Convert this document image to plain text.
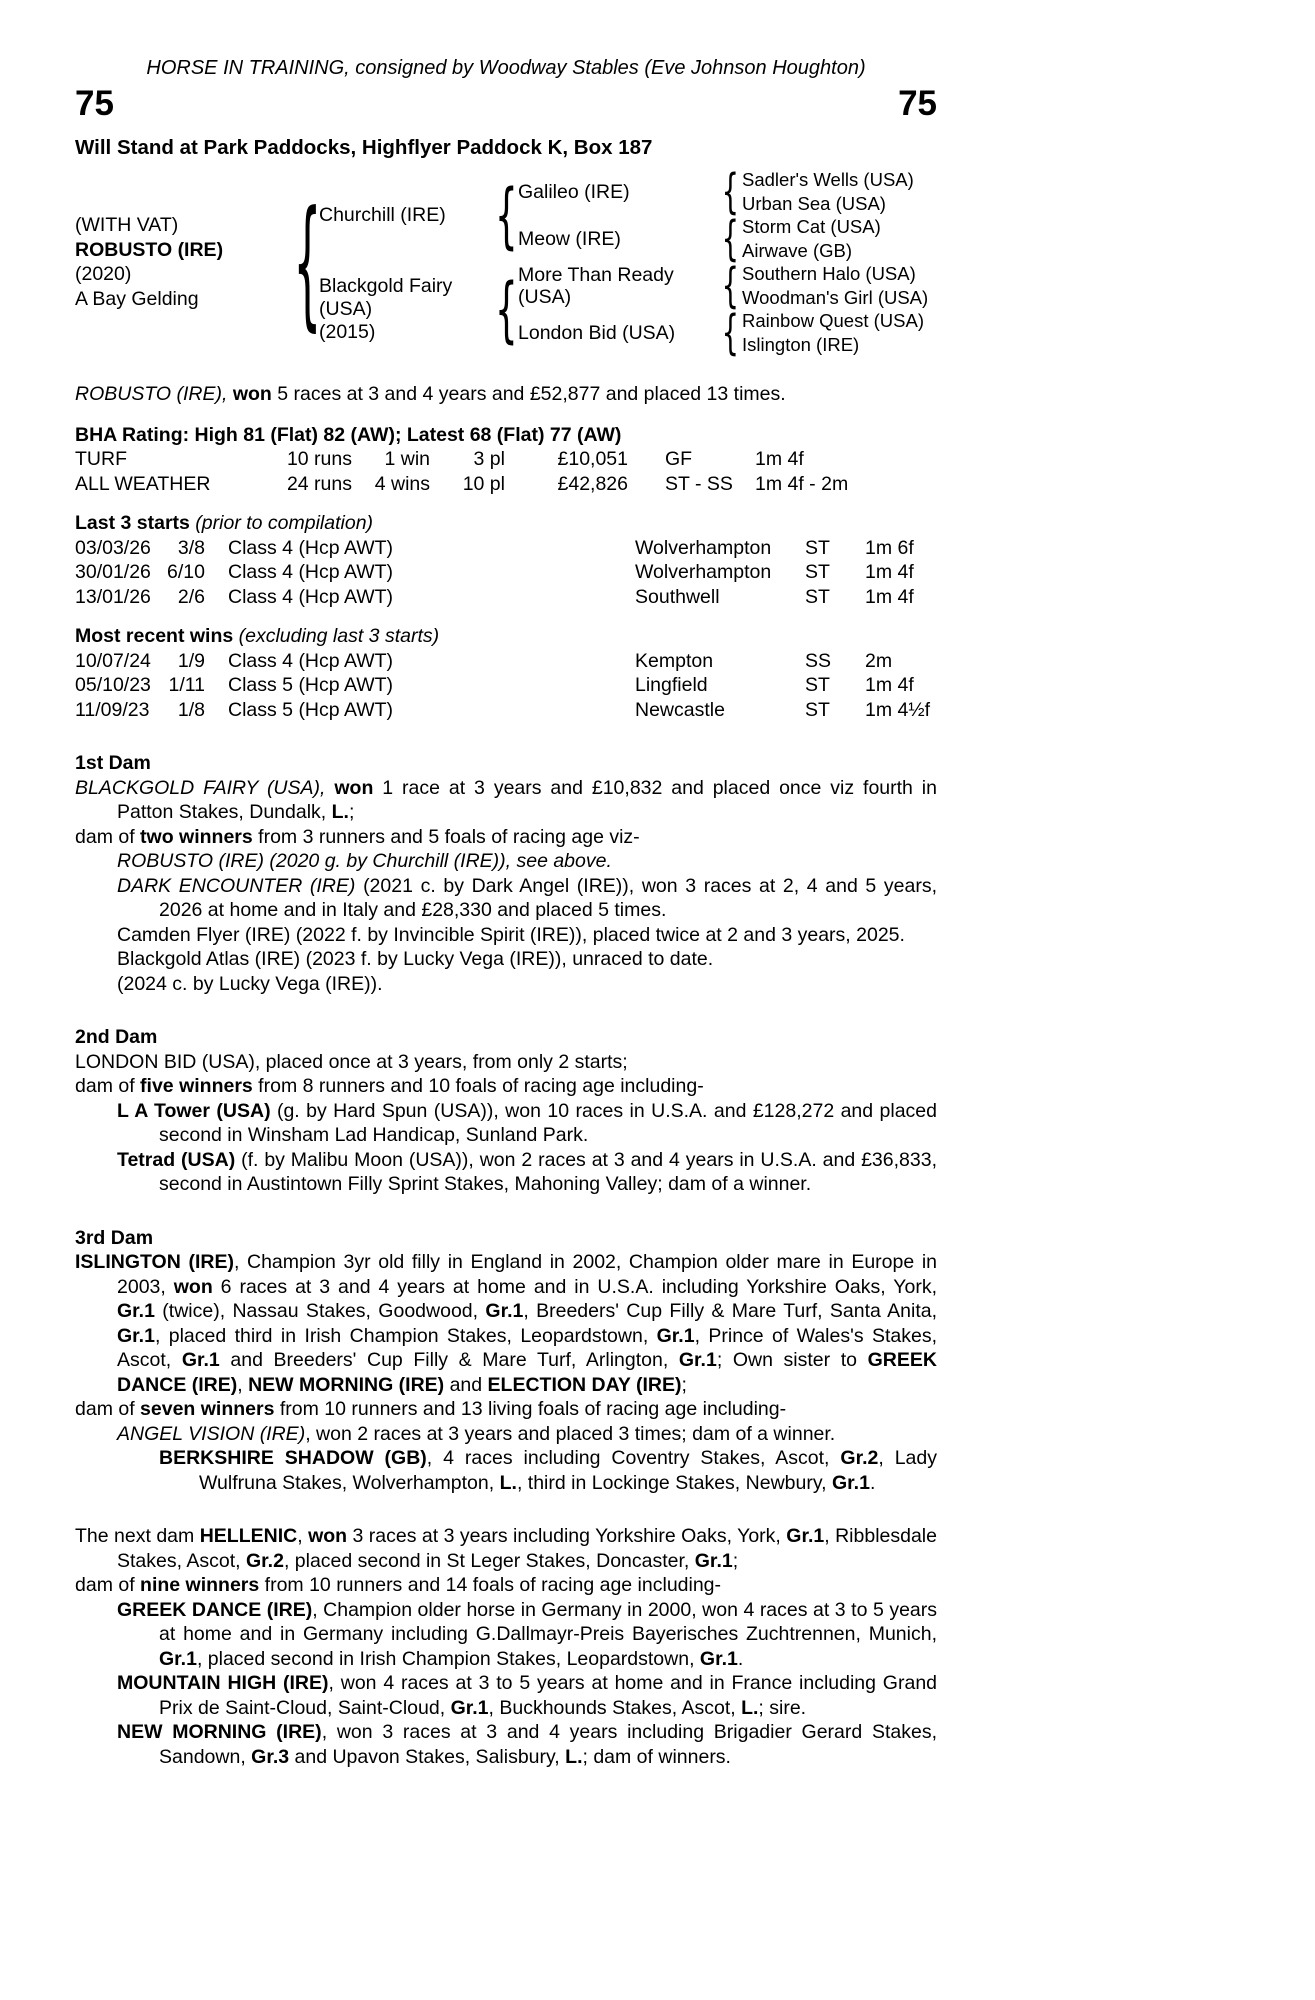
HORSE IN TRAINING, consigned by Woodway Stables (Eve Johnson Houghton)
75	75
Will Stand at Park Paddocks, Highflyer Paddock K, Box 187
(WITH VAT)
ROBUSTO (IRE)
(2020)
A Bay Gelding	{
Churchill (IRE)	{ Galileo (IRE)	{ Sadler's Wells (USA)
Urban Sea (USA)
Meow (IRE)	{ Storm Cat (USA)
Airwave (GB)
Blackgold Fairy (USA)
(2015)	{ More Than Ready (USA)	{ Southern Halo (USA)
Woodman's Girl (USA)
London Bid (USA)	{ Rainbow Quest (USA)
Islington (IRE)
ROBUSTO (IRE), won 5 races at 3 and 4 years and £52,877 and placed 13 times.
BHA Rating: High 81 (Flat) 82 (AW); Latest 68 (Flat) 77 (AW)
TURF	10 runs	1 win	3 pl	£10,051	GF	1m 4f
ALL WEATHER	24 runs	4 wins	10 pl	£42,826	ST - SS	1m 4f - 2m
Last 3 starts (prior to compilation)
03/03/26	3/8	Class 4 (Hcp AWT)	Wolverhampton	ST	1m 6f
30/01/26 6/10	Class 4 (Hcp AWT)	Wolverhampton	ST	1m 4f
13/01/26	2/6	Class 4 (Hcp AWT)	Southwell	ST	1m 4f
Most recent wins (excluding last 3 starts)
10/07/24	1/9	Class 4 (Hcp AWT)	Kempton	SS	2m
05/10/23 1/11	Class 5 (Hcp AWT)	Lingfield	ST	1m 4f
11/09/23	1/8	Class 5 (Hcp AWT)	Newcastle	ST	1m 4½f
1st Dam
BLACKGOLD FAIRY (USA), won 1 race at 3 years and £10,832 and placed once viz fourth in Patton Stakes, Dundalk, L.;
dam of two winners from 3 runners and 5 foals of racing age viz-
ROBUSTO (IRE) (2020 g. by Churchill (IRE)), see above.
DARK ENCOUNTER (IRE) (2021 c. by Dark Angel (IRE)), won 3 races at 2, 4 and 5 years, 2026 at home and in Italy and £28,330 and placed 5 times.
Camden Flyer (IRE) (2022 f. by Invincible Spirit (IRE)), placed twice at 2 and 3 years, 2025.
Blackgold Atlas (IRE) (2023 f. by Lucky Vega (IRE)), unraced to date.
(2024 c. by Lucky Vega (IRE)).
2nd Dam
LONDON BID (USA), placed once at 3 years, from only 2 starts;
dam of five winners from 8 runners and 10 foals of racing age including-
L A Tower (USA) (g. by Hard Spun (USA)), won 10 races in U.S.A. and £128,272 and placed second in Winsham Lad Handicap, Sunland Park.
Tetrad (USA) (f. by Malibu Moon (USA)), won 2 races at 3 and 4 years in U.S.A. and £36,833, second in Austintown Filly Sprint Stakes, Mahoning Valley; dam of a winner.
3rd Dam
ISLINGTON (IRE), Champion 3yr old filly in England in 2002, Champion older mare in Europe in 2003, won 6 races at 3 and 4 years at home and in U.S.A. including Yorkshire Oaks, York, Gr.1 (twice), Nassau Stakes, Goodwood, Gr.1, Breeders' Cup Filly & Mare Turf, Santa Anita, Gr.1, placed third in Irish Champion Stakes, Leopardstown, Gr.1, Prince of Wales's Stakes, Ascot, Gr.1 and Breeders' Cup Filly & Mare Turf, Arlington, Gr.1; Own sister to GREEK DANCE (IRE), NEW MORNING (IRE) and ELECTION DAY (IRE);
dam of seven winners from 10 runners and 13 living foals of racing age including-
ANGEL VISION (IRE), won 2 races at 3 years and placed 3 times; dam of a winner.
BERKSHIRE SHADOW (GB), 4 races including Coventry Stakes, Ascot, Gr.2, Lady Wulfruna Stakes, Wolverhampton, L., third in Lockinge Stakes, Newbury, Gr.1.
The next dam HELLENIC, won 3 races at 3 years including Yorkshire Oaks, York, Gr.1, Ribblesdale Stakes, Ascot, Gr.2, placed second in St Leger Stakes, Doncaster, Gr.1;
dam of nine winners from 10 runners and 14 foals of racing age including-
GREEK DANCE (IRE), Champion older horse in Germany in 2000, won 4 races at 3 to 5 years at home and in Germany including G.Dallmayr-Preis Bayerisches Zuchtrennen, Munich, Gr.1, placed second in Irish Champion Stakes, Leopardstown, Gr.1.
MOUNTAIN HIGH (IRE), won 4 races at 3 to 5 years at home and in France including Grand Prix de Saint-Cloud, Saint-Cloud, Gr.1, Buckhounds Stakes, Ascot, L.; sire.
NEW MORNING (IRE), won 3 races at 3 and 4 years including Brigadier Gerard Stakes, Sandown, Gr.3 and Upavon Stakes, Salisbury, L.; dam of winners.
